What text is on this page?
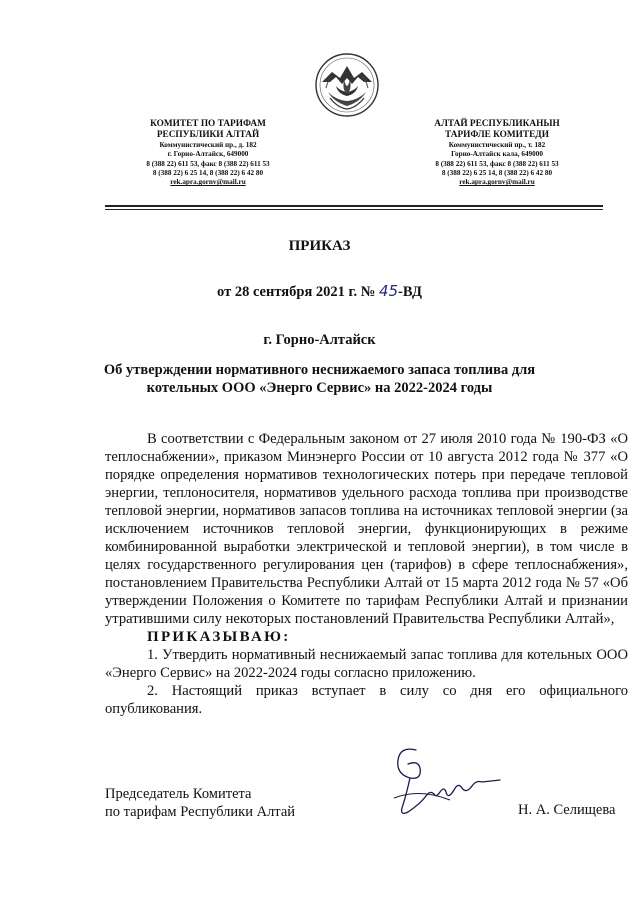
КОМИТЕТ ПО ТАРИФАМ
РЕСПУБЛИКИ АЛТАЙ
Коммунистический пр., д. 182
г. Горно-Алтайск, 649000
8 (388 22) 611 53, факс 8 (388 22) 611 53
8 (388 22) 6 25 14, 8 (388 22) 6 42 80
rek.apra.gornv@mail.ru
АЛТАЙ РЕСПУБЛИКАНЫН
ТАРИФЛЕ КОМИТЕДИ
Коммунистический пр., т. 182
Горно-Алтайск кала, 649000
8 (388 22) 611 53, факс 8 (388 22) 611 53
8 (388 22) 6 25 14, 8 (388 22) 6 42 80
rek.apra.gornv@mail.ru
ПРИКАЗ
от 28 сентября 2021 г. № 45-ВД
г. Горно-Алтайск
Об утверждении нормативного неснижаемого запаса топлива для
котельных ООО «Энерго Сервис» на 2022-2024 годы

В соответствии с Федеральным законом от 27 июля 2010 года № 190-ФЗ «О теплоснабжении», приказом Минэнерго России от 10 августа 2012 года № 377 «О порядке определения нормативов технологических потерь при передаче тепловой энергии, теплоносителя, нормативов удельного расхода топлива при производстве тепловой энергии, нормативов запасов топлива на источниках тепловой энергии (за исключением источников тепловой энергии, функционирующих в режиме комбинированной выработки электрической и тепловой энергии), в том числе в целях государственного регулирования цен (тарифов) в сфере теплоснабжения», постановлением Правительства Республики Алтай от 15 марта 2012 года № 57 «Об утверждении Положения о Комитете по тарифам Республики Алтай и признании утратившими силу некоторых постановлений Правительства Республики Алтай»,

ПРИКАЗЫВАЮ:

1. Утвердить нормативный неснижаемый запас топлива для котельных ООО «Энерго Сервис» на 2022-2024 годы согласно приложению.

2. Настоящий приказ вступает в силу со дня его официального опубликования.

Председатель Комитета
по тарифам Республики Алтай	Н. А. Селищева
